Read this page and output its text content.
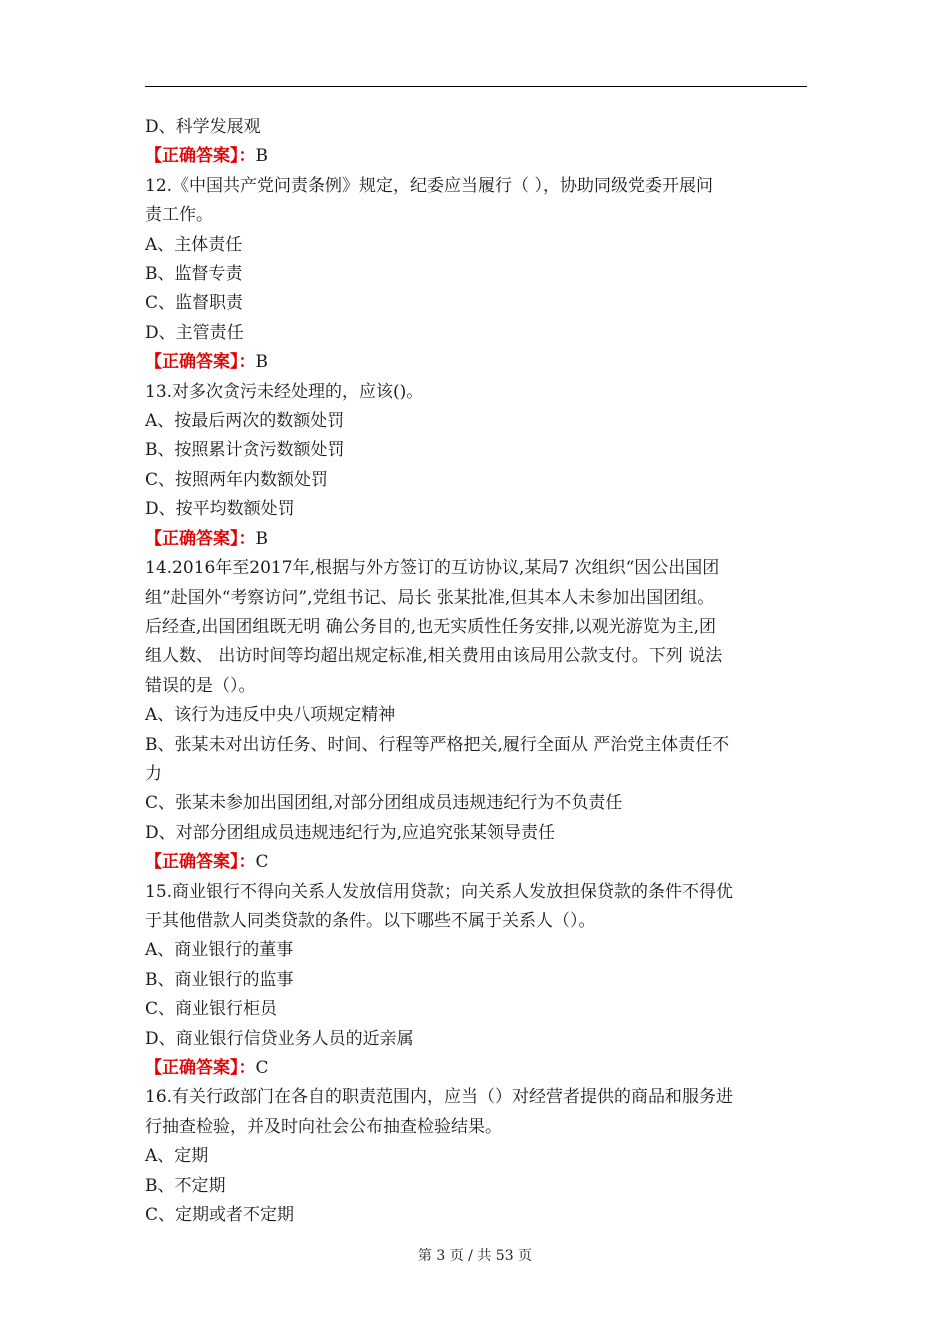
D、科学发展观
【正确答案】：B
12.《中国共产党问责条例》规定，纪委应当履行（ ），协助同级党委开展问
责工作。
A、主体责任
B、监督专责
C、监督职责
D、主管责任
【正确答案】：B
13.对多次贪污未经处理的，应该()。
A、按最后两次的数额处罚
B、按照累计贪污数额处罚
C、按照两年内数额处罚
D、按平均数额处罚
【正确答案】：B
14.2016年至2017年,根据与外方签订的互访协议,某局7 次组织“因公出国团
组”赴国外“考察访问”,党组书记、局长 张某批准,但其本人未参加出国团组。
后经查,出国团组既无明 确公务目的,也无实质性任务安排,以观光游览为主,团
组人数、 出访时间等均超出规定标准,相关费用由该局用公款支付。下列 说法
错误的是（）。
A、该行为违反中央八项规定精神
B、张某未对出访任务、时间、行程等严格把关,履行全面从 严治党主体责任不
力
C、张某未参加出国团组,对部分团组成员违规违纪行为不负责任
D、对部分团组成员违规违纪行为,应追究张某领导责任
【正确答案】：C
15.商业银行不得向关系人发放信用贷款；向关系人发放担保贷款的条件不得优
于其他借款人同类贷款的条件。以下哪些不属于关系人（）。
A、商业银行的董事
B、商业银行的监事
C、商业银行柜员
D、商业银行信贷业务人员的近亲属
【正确答案】：C
16.有关行政部门在各自的职责范围内，应当（）对经营者提供的商品和服务进
行抽查检验，并及时向社会公布抽查检验结果。
A、定期
B、不定期
C、定期或者不定期
第 3 页 / 共 53 页
